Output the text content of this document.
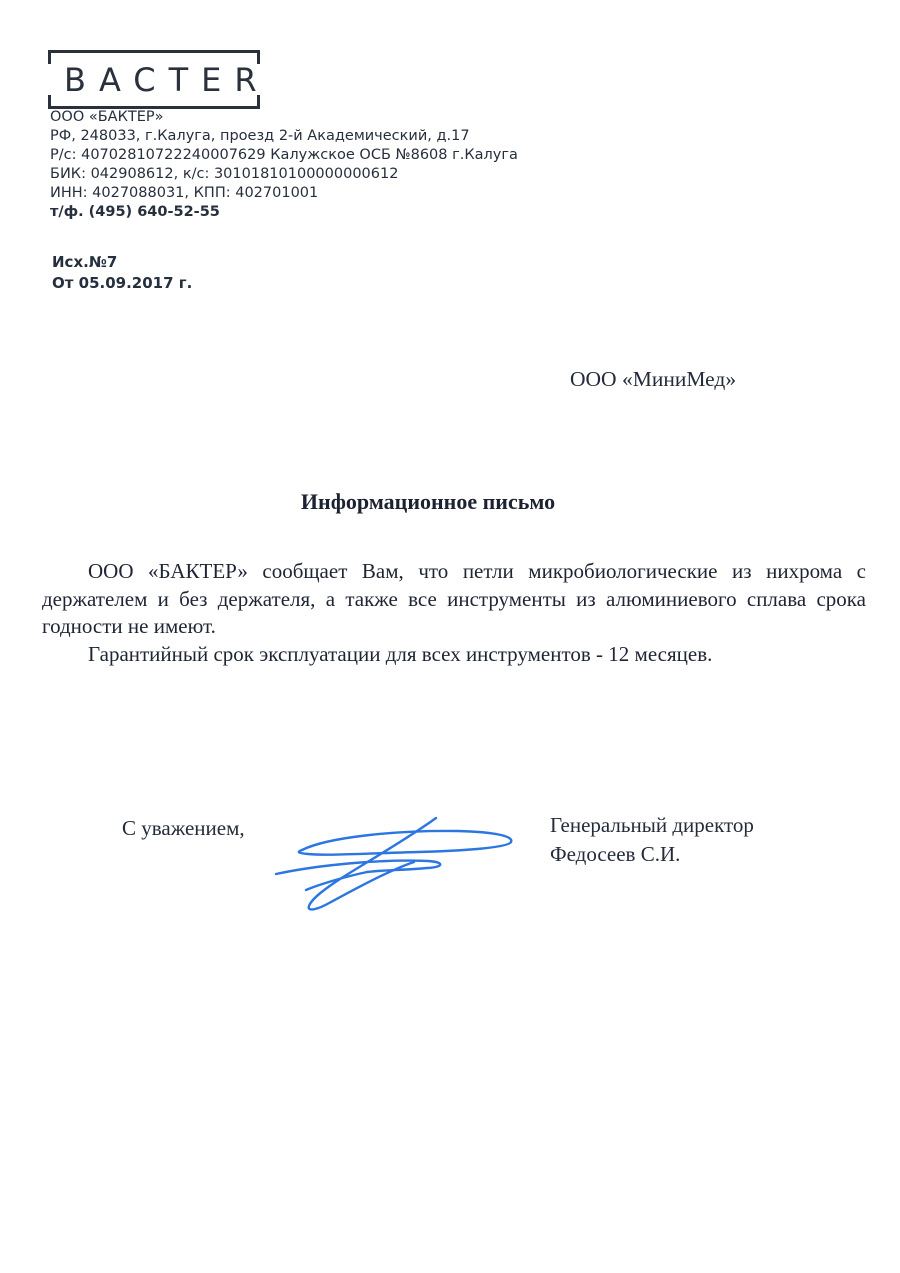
BACTER
ООО «БАКТЕР»
РФ, 248033, г.Калуга, проезд 2-й Академический, д.17
Р/с: 40702810722240007629 Калужское ОСБ №8608 г.Калуга
БИК: 042908612, к/с: 30101810100000000612
ИНН: 4027088031, КПП: 402701001
т/ф. (495) 640-52-55
Исх.№7
От 05.09.2017 г.
ООО «МиниМед»
Информационное письмо

ООО «БАКТЕР» сообщает Вам, что петли микробиологические из нихрома с держателем и без держателя, а также все инструменты из алюминиевого сплава срока годности не имеют.

Гарантийный срок эксплуатации для всех инструментов - 12 месяцев.

С уважением,	Генеральный директор
Федосеев С.И.
